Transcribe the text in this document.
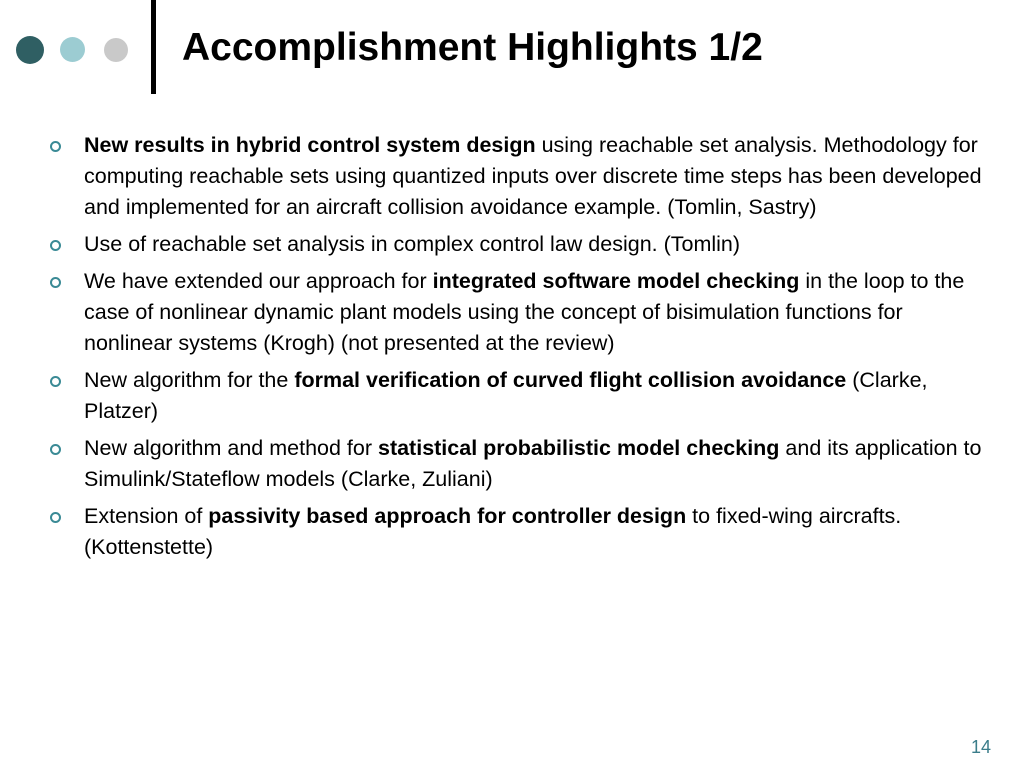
Accomplishment Highlights 1/2
New results in hybrid control system design using reachable set analysis. Methodology for computing reachable sets using quantized inputs over discrete time steps has been developed and implemented for an aircraft collision avoidance example. (Tomlin, Sastry)
Use of reachable set analysis in complex control law design. (Tomlin)
We have extended our approach for integrated software model checking in the loop to the case of nonlinear dynamic plant models using the concept of bisimulation functions for nonlinear systems (Krogh) (not presented at the review)
New algorithm for the formal verification of curved flight collision avoidance (Clarke, Platzer)
New algorithm and method for statistical probabilistic model checking and its application to Simulink/Stateflow models (Clarke, Zuliani)
Extension of passivity based approach for controller design to fixed-wing aircrafts. (Kottenstette)
14
